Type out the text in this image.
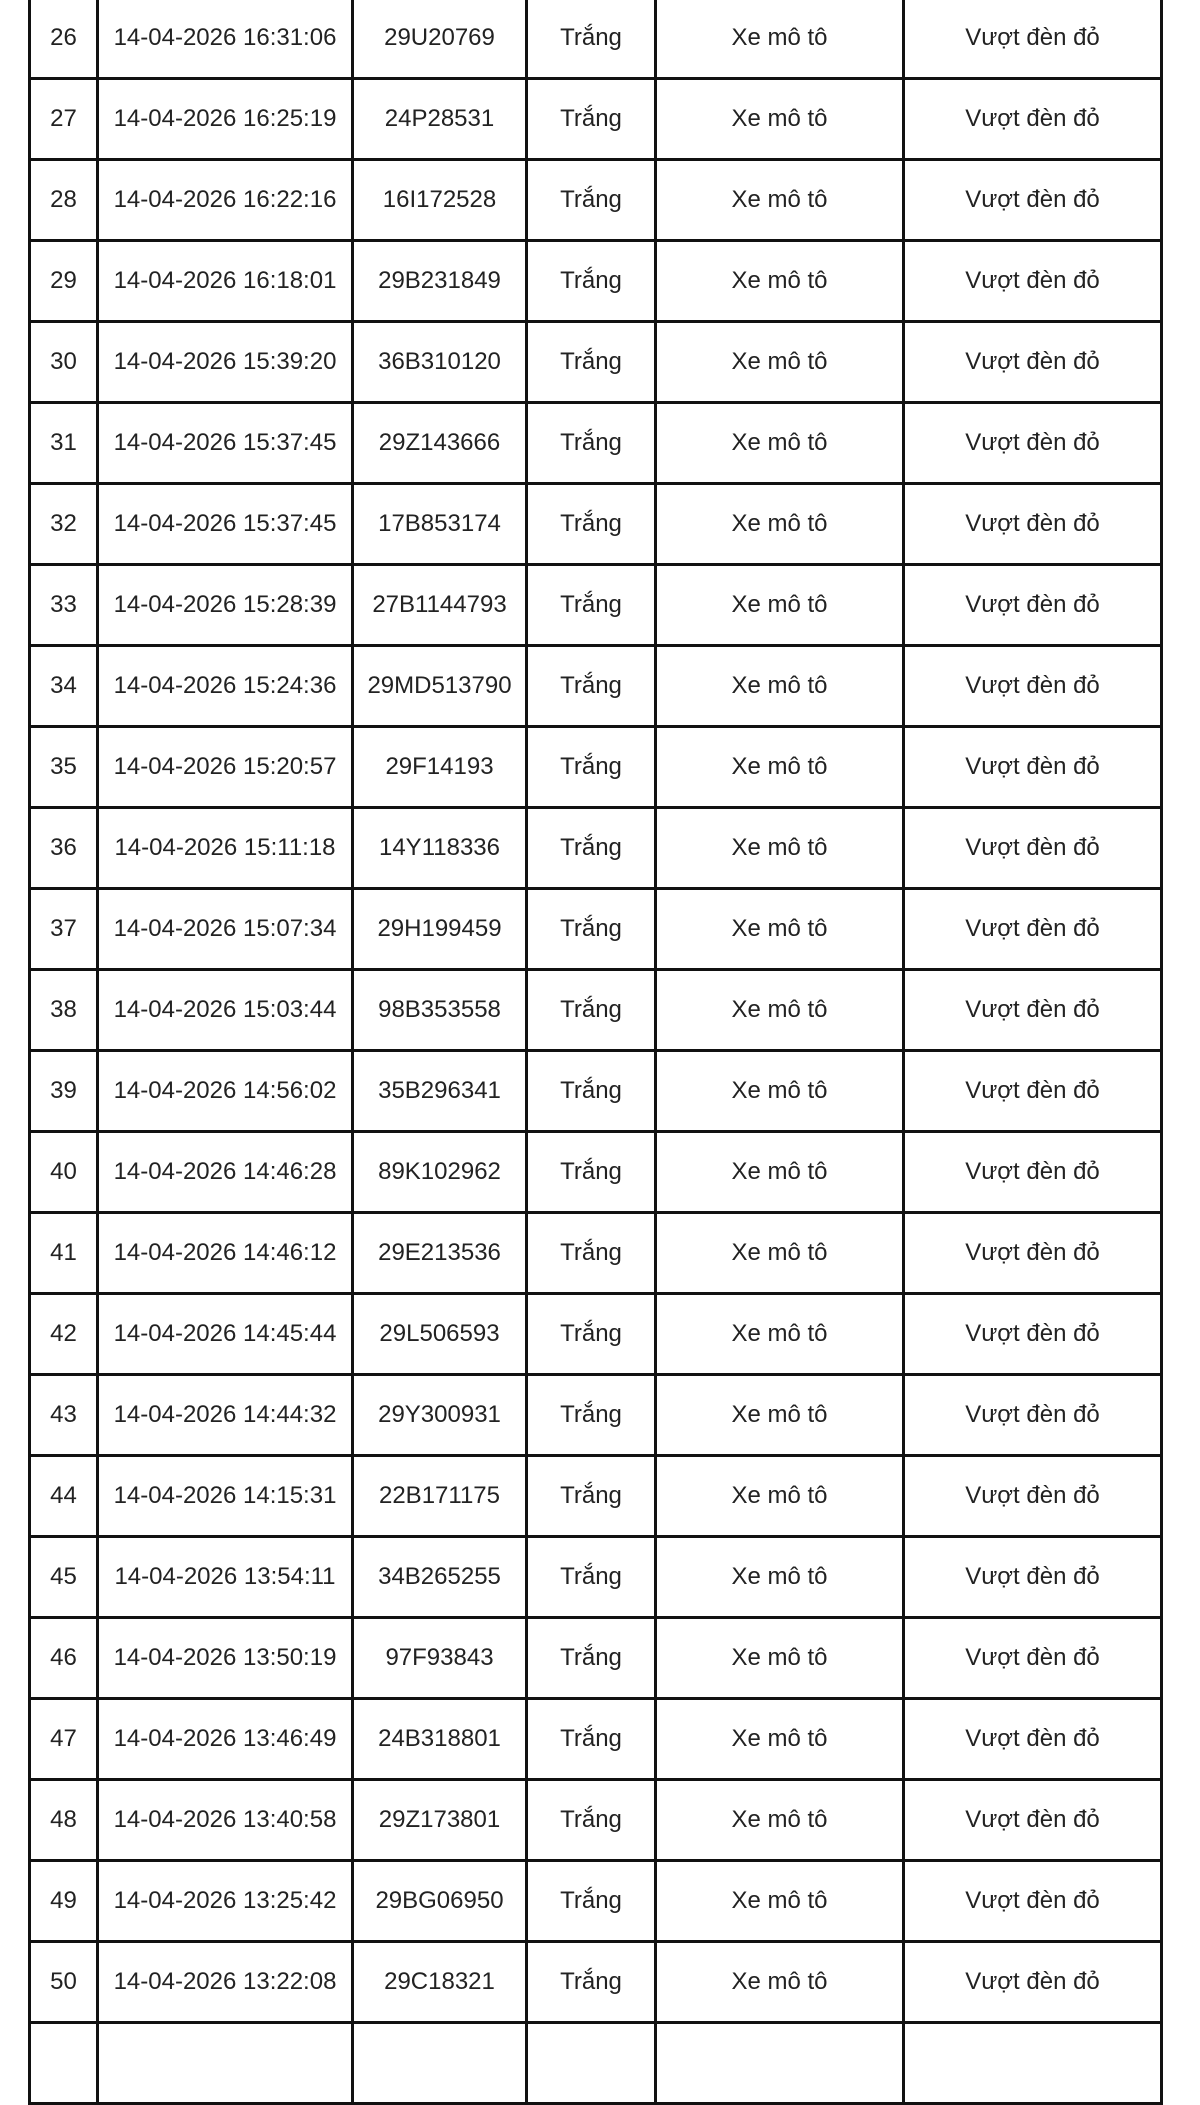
26	14-04-2026 16:31:06	29U20769	Trắng	Xe mô tô	Vượt đèn đỏ
27	14-04-2026 16:25:19	24P28531	Trắng	Xe mô tô	Vượt đèn đỏ
28	14-04-2026 16:22:16	16I172528	Trắng	Xe mô tô	Vượt đèn đỏ
29	14-04-2026 16:18:01	29B231849	Trắng	Xe mô tô	Vượt đèn đỏ
30	14-04-2026 15:39:20	36B310120	Trắng	Xe mô tô	Vượt đèn đỏ
31	14-04-2026 15:37:45	29Z143666	Trắng	Xe mô tô	Vượt đèn đỏ
32	14-04-2026 15:37:45	17B853174	Trắng	Xe mô tô	Vượt đèn đỏ
33	14-04-2026 15:28:39	27B1144793	Trắng	Xe mô tô	Vượt đèn đỏ
34	14-04-2026 15:24:36	29MD513790	Trắng	Xe mô tô	Vượt đèn đỏ
35	14-04-2026 15:20:57	29F14193	Trắng	Xe mô tô	Vượt đèn đỏ
36	14-04-2026 15:11:18	14Y118336	Trắng	Xe mô tô	Vượt đèn đỏ
37	14-04-2026 15:07:34	29H199459	Trắng	Xe mô tô	Vượt đèn đỏ
38	14-04-2026 15:03:44	98B353558	Trắng	Xe mô tô	Vượt đèn đỏ
39	14-04-2026 14:56:02	35B296341	Trắng	Xe mô tô	Vượt đèn đỏ
40	14-04-2026 14:46:28	89K102962	Trắng	Xe mô tô	Vượt đèn đỏ
41	14-04-2026 14:46:12	29E213536	Trắng	Xe mô tô	Vượt đèn đỏ
42	14-04-2026 14:45:44	29L506593	Trắng	Xe mô tô	Vượt đèn đỏ
43	14-04-2026 14:44:32	29Y300931	Trắng	Xe mô tô	Vượt đèn đỏ
44	14-04-2026 14:15:31	22B171175	Trắng	Xe mô tô	Vượt đèn đỏ
45	14-04-2026 13:54:11	34B265255	Trắng	Xe mô tô	Vượt đèn đỏ
46	14-04-2026 13:50:19	97F93843	Trắng	Xe mô tô	Vượt đèn đỏ
47	14-04-2026 13:46:49	24B318801	Trắng	Xe mô tô	Vượt đèn đỏ
48	14-04-2026 13:40:58	29Z173801	Trắng	Xe mô tô	Vượt đèn đỏ
49	14-04-2026 13:25:42	29BG06950	Trắng	Xe mô tô	Vượt đèn đỏ
50	14-04-2026 13:22:08	29C18321	Trắng	Xe mô tô	Vượt đèn đỏ
